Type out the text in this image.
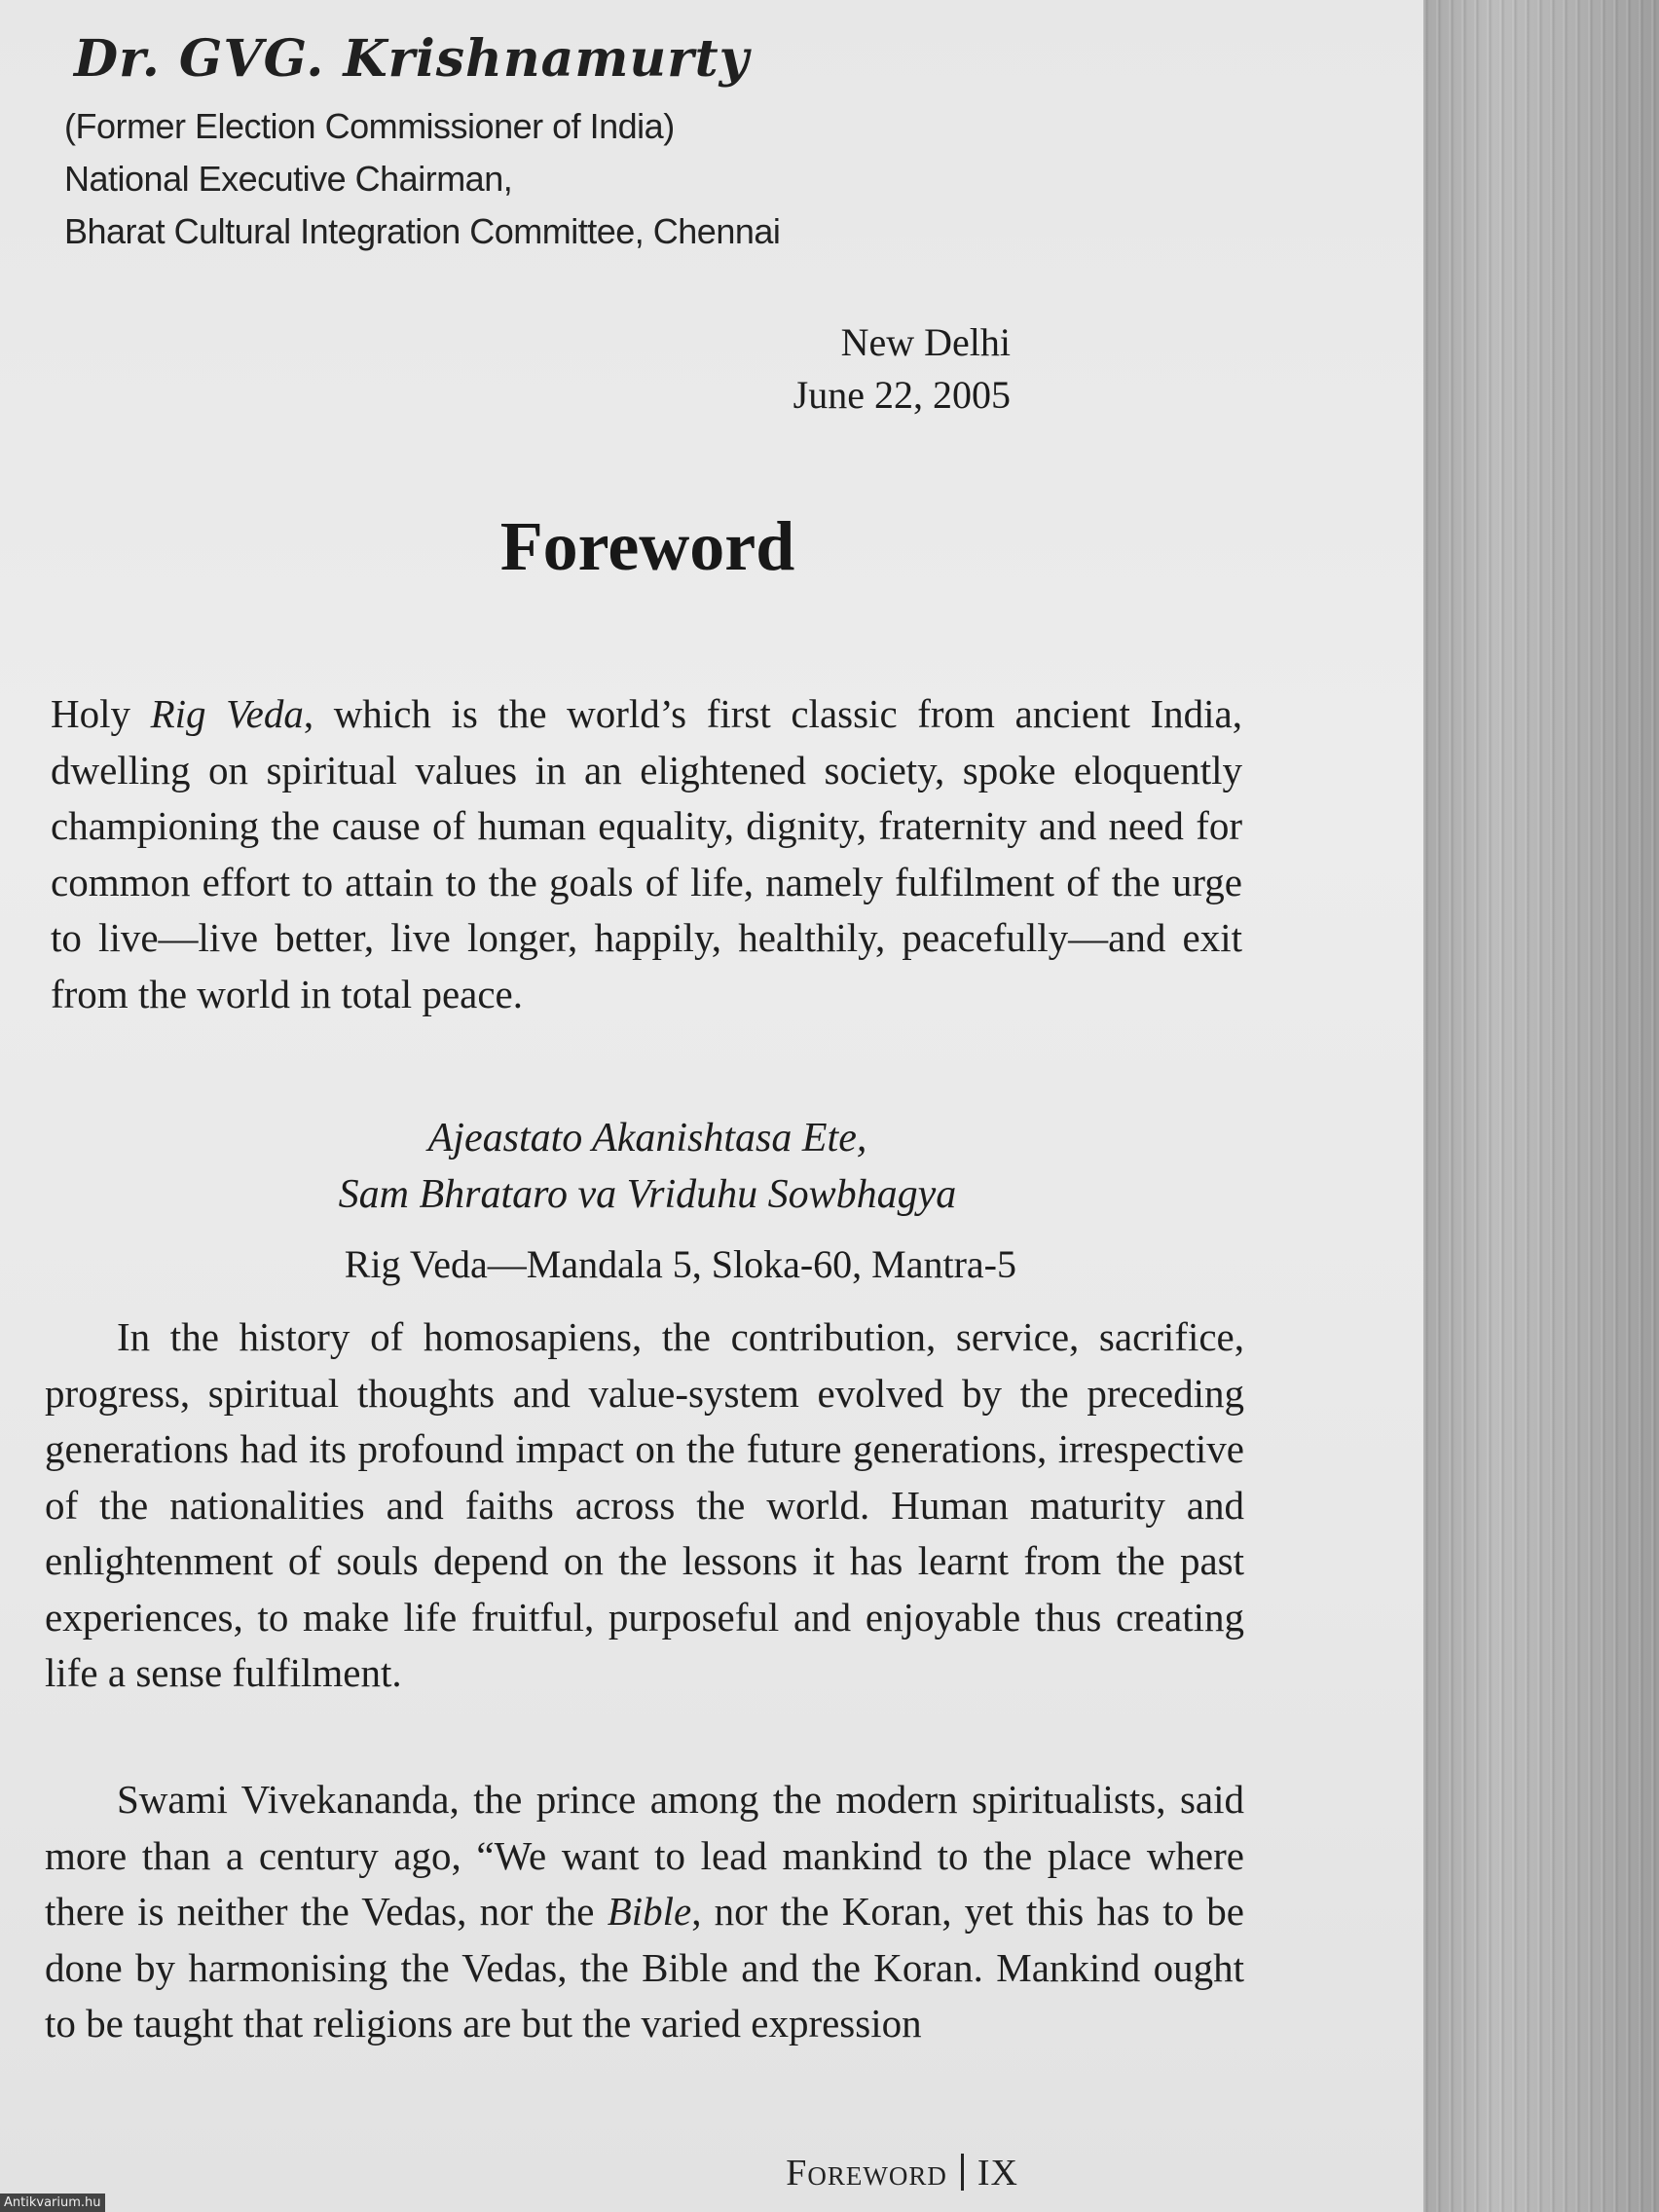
Dr. GVG. Krishnamurty
(Former Election Commissioner of India)
National Executive Chairman,
Bharat Cultural Integration Committee, Chennai
New Delhi
June 22, 2005
Foreword

Holy Rig Veda, which is the world’s first classic from ancient India, dwelling on spiritual values in an elightened society, spoke eloquently championing the cause of human equality, dignity, fraternity and need for common effort to attain to the goals of life, namely fulfilment of the urge to live—live better, live longer, happily, healthily, peacefully—and exit from the world in total peace.

Ajeastato Akanishtasa Ete,
Sam Bhrataro va Vriduhu Sowbhagya
Rig Veda—Mandala 5, Sloka-60, Mantra-5

In the history of homosapiens, the contribution, service, sacrifice, progress, spiritual thoughts and value-system evolved by the preceding generations had its profound impact on the future generations, irrespective of the nationalities and faiths across the world. Human maturity and enlightenment of souls depend on the lessons it has learnt from the past experiences, to make life fruitful, purposeful and enjoyable thus creating life a sense fulfilment.

Swami Vivekananda, the prince among the modern spiritualists, said more than a century ago, “We want to lead mankind to the place where there is neither the Vedas, nor the Bible, nor the Koran, yet this has to be done by harmonising the Vedas, the Bible and the Koran. Mankind ought to be taught that religions are but the varied expression

Foreword IX
Antikvarium.hu
